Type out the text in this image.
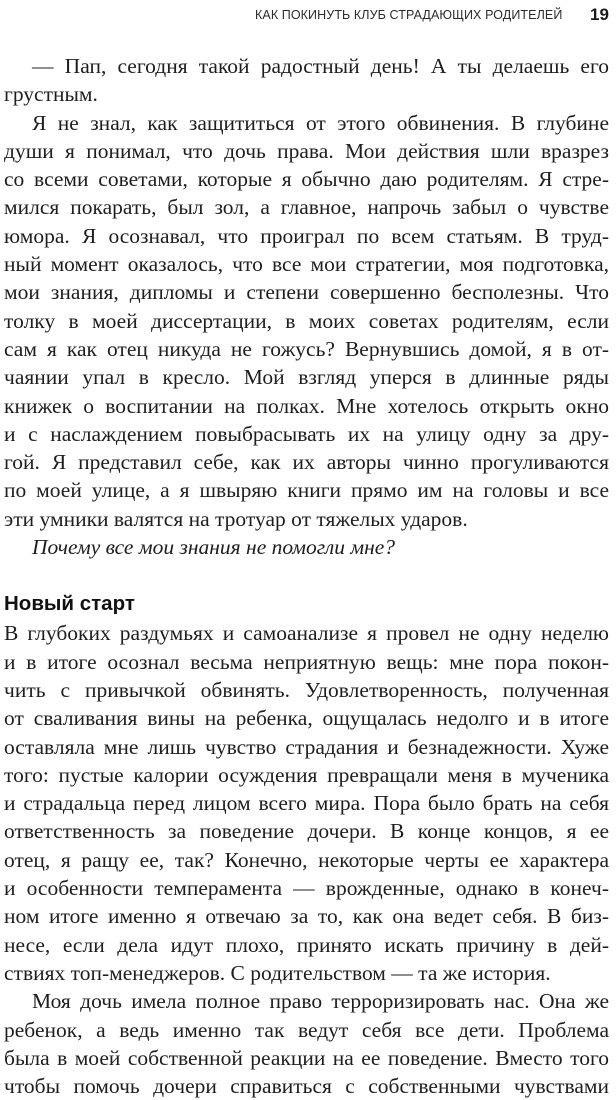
КАК ПОКИНУТЬ КЛУБ СТРАДАЮЩИХ РОДИТЕЛЕЙ 19
— Пап, сегодня такой радостный день! А ты делаешь его
грустным.
Я не знал, как защититься от этого обвинения. В глубине
души я понимал, что дочь права. Мои действия шли вразрез
со всеми советами, которые я обычно даю родителям. Я стре-
мился покарать, был зол, а главное, напрочь забыл о чувстве
юмора. Я осознавал, что проиграл по всем статьям. В труд-
ный момент оказалось, что все мои стратегии, моя подготовка,
мои знания, дипломы и степени совершенно бесполезны. Что
толку в моей диссертации, в моих советах родителям, если
сам я как отец никуда не гожусь? Вернувшись домой, я в от-
чаянии упал в кресло. Мой взгляд уперся в длинные ряды
книжек о воспитании на полках. Мне хотелось открыть окно
и с наслаждением повыбрасывать их на улицу одну за дру-
гой. Я представил себе, как их авторы чинно прогуливаются
по моей улице, а я швыряю книги прямо им на головы и все
эти умники валятся на тротуар от тяжелых ударов.
Почему все мои знания не помогли мне?
Новый старт
В глубоких раздумьях и самоанализе я провел не одну неделю
и в итоге осознал весьма неприятную вещь: мне пора покон-
чить с привычкой обвинять. Удовлетворенность, полученная
от сваливания вины на ребенка, ощущалась недолго и в итоге
оставляла мне лишь чувство страдания и безнадежности. Хуже
того: пустые калории осуждения превращали меня в мученика
и страдальца перед лицом всего мира. Пора было брать на себя
ответственность за поведение дочери. В конце концов, я ее
отец, я ращу ее, так? Конечно, некоторые черты ее характера
и особенности темперамента — врожденные, однако в конеч-
ном итоге именно я отвечаю за то, как она ведет себя. В биз-
несе, если дела идут плохо, принято искать причину в дей-
ствиях топ-менеджеров. С родительством — та же история.
Моя дочь имела полное право терроризировать нас. Она же
ребенок, а ведь именно так ведут себя все дети. Проблема
была в моей собственной реакции на ее поведение. Вместо того
чтобы помочь дочери справиться с собственными чувствами
